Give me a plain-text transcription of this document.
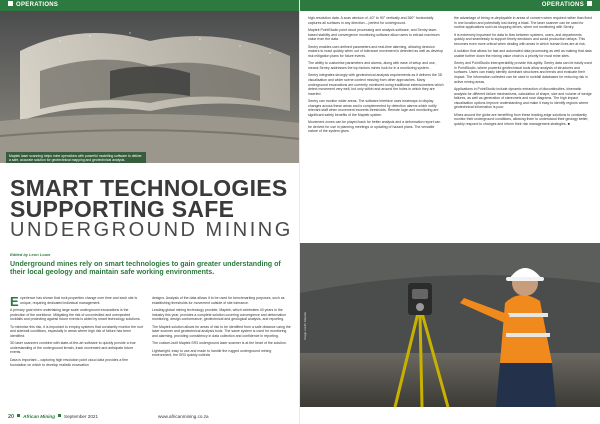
OPERATIONS
Maptek laser scanning helps mine operations with powerful modelling software to deliver a safe, accurate solution for geotechnical mapping and geotechnical analysis.
SMART TECHNOLOGIES
SUPPORTING SAFE
UNDERGROUND MINING
Edited by Leon Louw
Underground mines rely on smart technologies to gain greater understanding of their local geology and maintain safe working environments.

Experience has shown that rock properties change over time and each site is unique, requiring dedicated individual management.

A primary goal when undertaking large scale underground excavations is the protection of the workforce. Mitigating the risk of uncontrolled and unexpected rockfalls and protecting against future events is aided by smart technology solutions.

To minimise this risk, it is important to employ systems that constantly monitor the roof and sidewall conditions, especially in areas where high risk of failure has been identified.

3D laser scanners combine with state-of-the-art software to quickly provide a true understanding of the underground terrain, track movement and anticipate future events.

Data is important – capturing high resolution point cloud data provides a firm foundation on which to develop realistic excavation

designs. Analysis of the data allows it to be used for benchmarking purposes, such as establishing thresholds for movement outside of site tolerance.

Leading global mining technology provider, Maptek, which celebrates 40 years in the industry this year, provides a complete solution covering convergence and deformation monitoring, design conformance, geotechnical and geological analysis, and reporting.

The Maptek solution allows for areas of risk to be identified from a safe distance using the laser scanner and geotechnical analysis tools. The same system is used for monitoring and alarming, providing consistency in data collection and confidence in reporting.

The custom-built Maptek SR3 underground laser scanner is at the heart of the solution.

Lightweight, easy to use and made to handle the rugged underground mining environment, the SR3 quickly collects

20 African Mining September 2021	www.africanmining.co.za
OPERATIONS

high-resolution data. A scan window of -40° to 90° vertically and 360° horizontally captures all surfaces in any direction – perfect for underground.

Maptek PointStudio point cloud processing and analysis software, and Sentry laser-based stability and convergence monitoring software allow users to extract maximum value from the data.

Sentry enables user-defined parameters and real-time alarming, allowing decision makers to react quickly when out of tolerance movement is detected as well as develop risk mitigation plans for future events.

The ability to customise parameters and alarms, along with ease of setup and use, means Sentry addresses the top factors mines look for in a monitoring system.

Sentry integrates strongly with geotechnical analysis requirements as it delivers the 3D visualisation and wider scene context missing from other approaches. Many underground excavations are currently monitored using traditional extensometers which detect movement very well, but only within and around the holes in which they are inserted.

Sentry can monitor wider areas. The software interface uses heatmaps to display changes across these areas and is complemented by detection alarms which notify relevant staff when movement exceeds thresholds. Remote login and monitoring are significant safety benefits of the Maptek system.

Movement zones can be played back for better analysis and a deformation report can be derived for use in planning meetings or updating of hazard plans. The versatile nature of the system gives

the advantage of being re-deployable in areas of concern when required rather than fixed in one location and potentially lost during a blast. The laser scanner can be used for routine applications such as stopping drives, when not monitoring with Sentry.

It is extremely important for data to flow between systems, users, and departments quickly and seamlessly to support timely decisions and avoid production delays. This becomes even more critical when dealing with areas in which human lives are at risk.

A solution that allows for fast and automated data processing as well as making that data usable further down the mining value chain is a priority for most mine sites.

Sentry and PointStudio interoperability provide this agility. Sentry data can be easily used in PointStudio, where powerful geotechnical tools allow analysis of structures and surfaces. Users can easily identify dominant structures and trends and evaluate their impact. The information collected can be used in rockfall databases for reducing risk in active mining areas.

Applications in PointStudio include dynamic extraction of discontinuities, kinematic analysis for different failure mechanisms, calculation of shape, size and volume of wedge failures, as well as generation of stereonets and rose diagrams. The high impact visualisation options improve understanding and make it easy to identify regions where geotechnical information is poor.

Mines around the globe are benefiting from these leading-edge solutions to constantly monitor their underground conditions, allowing them to understand their geology better, quickly respond to changes and inform their risk management strategies. ■

Image credit: Maptek
